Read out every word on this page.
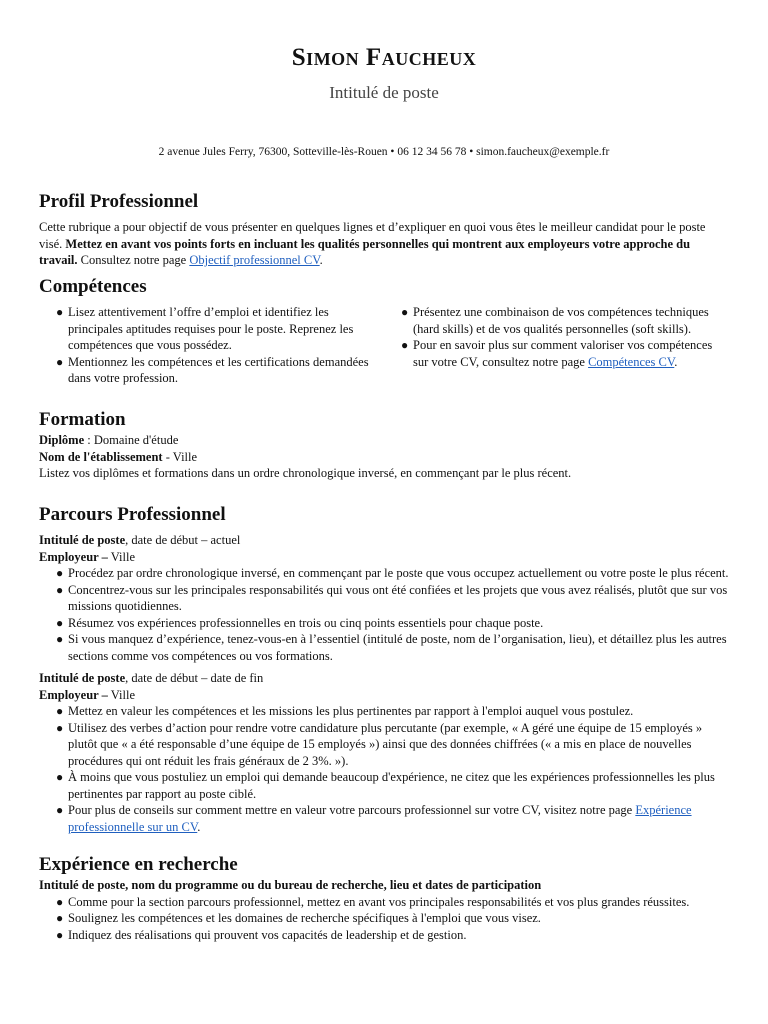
Simon Faucheux
Intitulé de poste
2 avenue Jules Ferry, 76300, Sotteville-lès-Rouen • 06 12 34 56 78 • simon.faucheux@exemple.fr
Profil Professionnel

Cette rubrique a pour objectif de vous présenter en quelques lignes et d’expliquer en quoi vous êtes le meilleur candidat pour le poste visé. Mettez en avant vos points forts en incluant les qualités personnelles qui montrent aux employeurs votre approche du travail. Consultez notre page Objectif professionnel CV.

Compétences
● Lisez attentivement l’offre d’emploi et identifiez les principales aptitudes requises pour le poste. Reprenez les compétences que vous possédez.
● Mentionnez les compétences et les certifications demandées dans votre profession.
● Présentez une combinaison de vos compétences techniques (hard skills) et de vos qualités personnelles (soft skills).
● Pour en savoir plus sur comment valoriser vos compétences sur votre CV, consultez notre page Compétences CV.
Formation
Diplôme : Domaine d'étude
Nom de l'établissement - Ville
Listez vos diplômes et formations dans un ordre chronologique inversé, en commençant par le plus récent.
Parcours Professionnel
Intitulé de poste, date de début – actuel
Employeur – Ville
● Procédez par ordre chronologique inversé, en commençant par le poste que vous occupez actuellement ou votre poste le plus récent.
● Concentrez-vous sur les principales responsabilités qui vous ont été confiées et les projets que vous avez réalisés, plutôt que sur vos missions quotidiennes.
● Résumez vos expériences professionnelles en trois ou cinq points essentiels pour chaque poste.
● Si vous manquez d’expérience, tenez-vous-en à l’essentiel (intitulé de poste, nom de l’organisation, lieu), et détaillez plus les autres sections comme vos compétences ou vos formations.
Intitulé de poste, date de début – date de fin
Employeur – Ville
● Mettez en valeur les compétences et les missions les plus pertinentes par rapport à l'emploi auquel vous postulez.
● Utilisez des verbes d’action pour rendre votre candidature plus percutante (par exemple, « A géré une équipe de 15 employés » plutôt que « a été responsable d’une équipe de 15 employés ») ainsi que des données chiffrées (« a mis en place de nouvelles procédures qui ont réduit les frais généraux de 2 3%. »).
● À moins que vous postuliez un emploi qui demande beaucoup d'expérience, ne citez que les expériences professionnelles les plus pertinentes par rapport au poste ciblé.
● Pour plus de conseils sur comment mettre en valeur votre parcours professionnel sur votre CV, visitez notre page Expérience professionnelle sur un CV.
Expérience en recherche
Intitulé de poste, nom du programme ou du bureau de recherche, lieu et dates de participation
● Comme pour la section parcours professionnel, mettez en avant vos principales responsabilités et vos plus grandes réussites.
● Soulignez les compétences et les domaines de recherche spécifiques à l'emploi que vous visez.
● Indiquez des réalisations qui prouvent vos capacités de leadership et de gestion.
